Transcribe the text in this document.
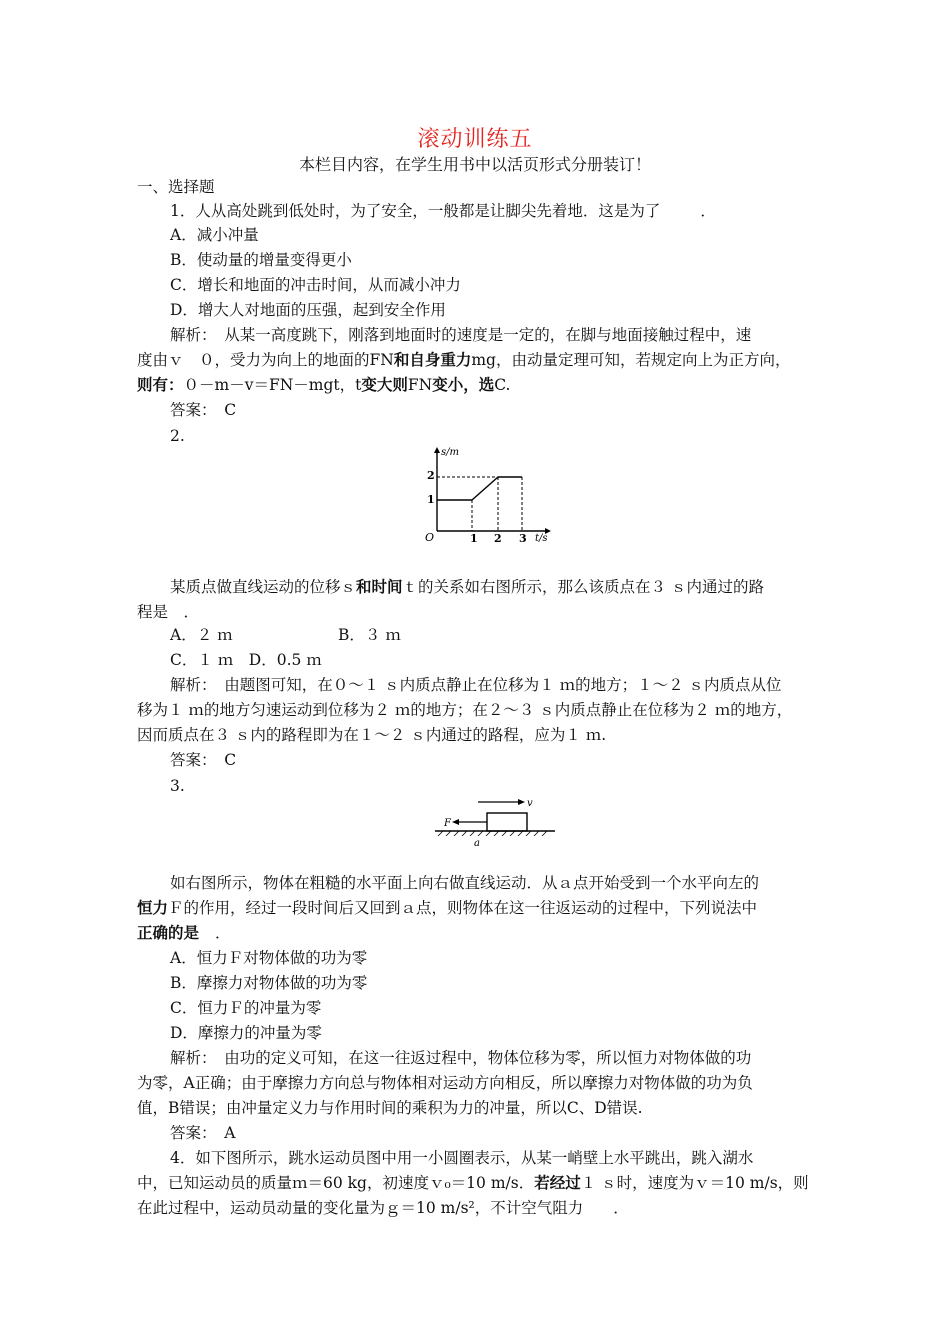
滚动训练五
本栏目内容，在学生用书中以活页形式分册装订！
一、选择题
1．人从高处跳到低处时，为了安全，一般都是让脚尖先着地．这是为了	．
A．减小冲量
B．使动量的增量变得更小
C．增长和地面的冲击时间，从而减小冲力
D．增大人对地面的压强，起到安全作用
解析：　从某一高度跳下，刚落到地面时的速度是一定的，在脚与地面接触过程中，速
度由ｖ　０，受力为向上的地面的FN和自身重力mg，由动量定理可知，若规定向上为正方向，
则有：０－m－v＝FN－mgt，t变大则FN变小，选C.
答案：　C
2.
s/m
t/s
O
1
2
1 2 3
某质点做直线运动的位移ｓ和时间ｔ的关系如右图所示，那么该质点在３ ｓ内通过的路
程是　．
A．２ ｍ	B．３ ｍ
C．１ ｍ　D．0.5 ｍ
解析：　由题图可知，在０～１ ｓ内质点静止在位移为１ ｍ的地方；１～２ ｓ内质点从位
移为１ ｍ的地方匀速运动到位移为２ ｍ的地方；在２～３ ｓ内质点静止在位移为２ ｍ的地方，
因而质点在３ ｓ内的路程即为在１～２ ｓ内通过的路程，应为１ ｍ.
答案：　C
3.
v
F
a
如右图所示，物体在粗糙的水平面上向右做直线运动．从ａ点开始受到一个水平向左的
恒力Ｆ的作用，经过一段时间后又回到ａ点，则物体在这一往返运动的过程中，下列说法中
正确的是 ．
A．恒力Ｆ对物体做的功为零
B．摩擦力对物体做的功为零
C．恒力Ｆ的冲量为零
D．摩擦力的冲量为零
解析：　由功的定义可知，在这一往返过程中，物体位移为零，所以恒力对物体做的功
为零，A正确；由于摩擦力方向总与物体相对运动方向相反，所以摩擦力对物体做的功为负
值，B错误；由冲量定义力与作用时间的乘积为力的冲量，所以C、D错误.
答案：　A
4．如下图所示，跳水运动员图中用一小圆圈表示，从某一峭壁上水平跳出，跳入湖水
中，已知运动员的质量ｍ＝60 kg，初速度ｖ₀＝10 m/s．若经过１ ｓ时，速度为ｖ＝10 m/s，则
在此过程中，运动员动量的变化量为ｇ＝10 m/s²，不计空气阻力 ．
